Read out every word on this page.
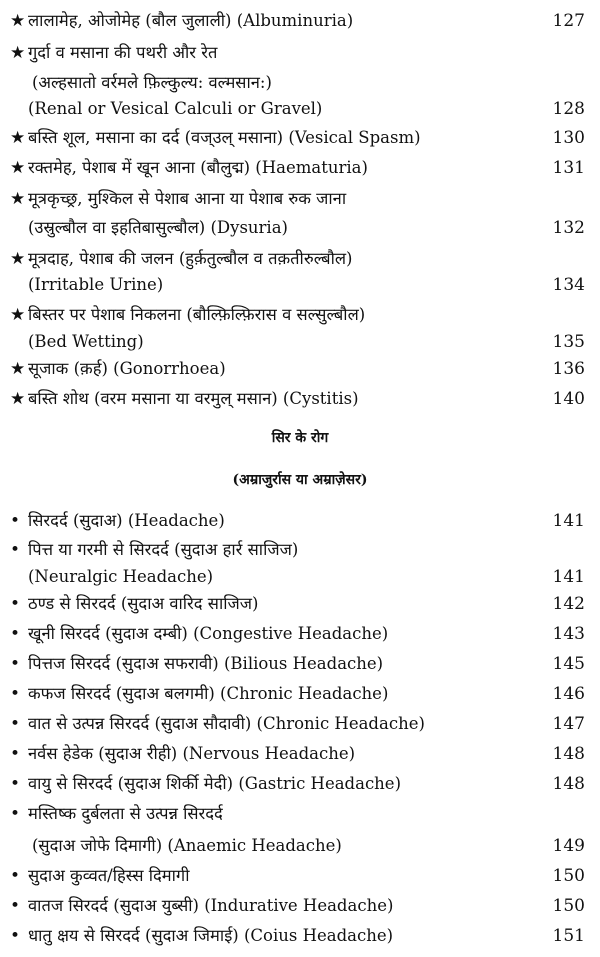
★ लालामेह, ओजोमेह (बौल जुलाली) (Albuminuria)	127
★ गुर्दा व मसाना की पथरी और रेत
(अल्हसातो वर्रमले फ़िल्कुल्य: वल्मसान:)
(Renal or Vesical Calculi or Gravel)	128
★ बस्ति शूल, मसाना का दर्द (वज्उल् मसाना) (Vesical Spasm)	130
★ रक्तमेह, पेशाब में खून आना (बौलुद्म) (Haematuria)	131
★ मूत्रकृच्छ्र, मुश्किल से पेशाब आना या पेशाब रुक जाना
(उस्रुल्बौल वा इहतिबासुल्बौल) (Dysuria)	132
★ मूत्रदाह, पेशाब की जलन (हुर्क़तुल्बौल व तक़तीरुल्बौल)
(Irritable Urine)	134
★ बिस्तर पर पेशाब निकलना (बौल्फ़िल्फ़िरास व सल्सुल्बौल)
(Bed Wetting)	135
★ सूजाक (क़र्ह) (Gonorrhoea)	136
★ बस्ति शोथ (वरम मसाना या वरमुल् मसान) (Cystitis)	140
सिर के रोग
(अम्राजुर्रास या अम्राज़ेसर)
• सिरदर्द (सुदाअ) (Headache)	141
• पित्त या गरमी से सिरदर्द (सुदाअ हार्र साजिज)
(Neuralgic Headache)	141
• ठण्ड से सिरदर्द (सुदाअ वारिद साजिज)	142
• खूनी सिरदर्द (सुदाअ दम्बी) (Congestive Headache)	143
• पित्तज सिरदर्द (सुदाअ सफरावी) (Bilious Headache)	145
• कफज सिरदर्द (सुदाअ बलगमी) (Chronic Headache)	146
• वात से उत्पन्न सिरदर्द (सुदाअ सौदावी) (Chronic Headache)	147
• नर्वस हेडेक (सुदाअ रीही) (Nervous Headache)	148
• वायु से सिरदर्द (सुदाअ शिर्की मेदी) (Gastric Headache)	148
• मस्तिष्क दुर्बलता से उत्पन्न सिरदर्द
(सुदाअ जोफे दिमागी) (Anaemic Headache)	149
• सुदाअ कुव्वत/हिस्स दिमागी	150
• वातज सिरदर्द (सुदाअ युब्सी) (Indurative Headache)	150
• धातु क्षय से सिरदर्द (सुदाअ जिमाई) (Coius Headache)	151
